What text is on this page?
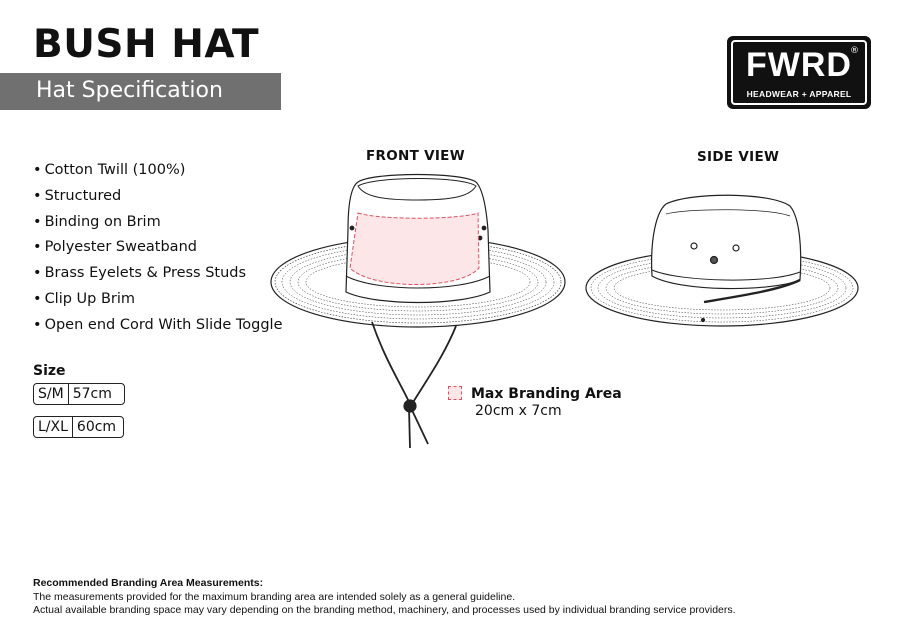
BUSH HAT
Hat Specification
FWRD
®
HEADWEAR + APPAREL
• Cotton Twill (100%)
• Structured
• Binding on Brim
• Polyester Sweatband
• Brass Eyelets & Press Studs
• Clip Up Brim
• Open end Cord With Slide Toggle
Size
S/M 57cm
L/XL 60cm
FRONT VIEW	SIDE VIEW
Max Branding Area
20cm x 7cm
Recommended Branding Area Measurements:
The measurements provided for the maximum branding area are intended solely as a general guideline.
Actual available branding space may vary depending on the branding method, machinery, and processes used by individual branding service providers.
